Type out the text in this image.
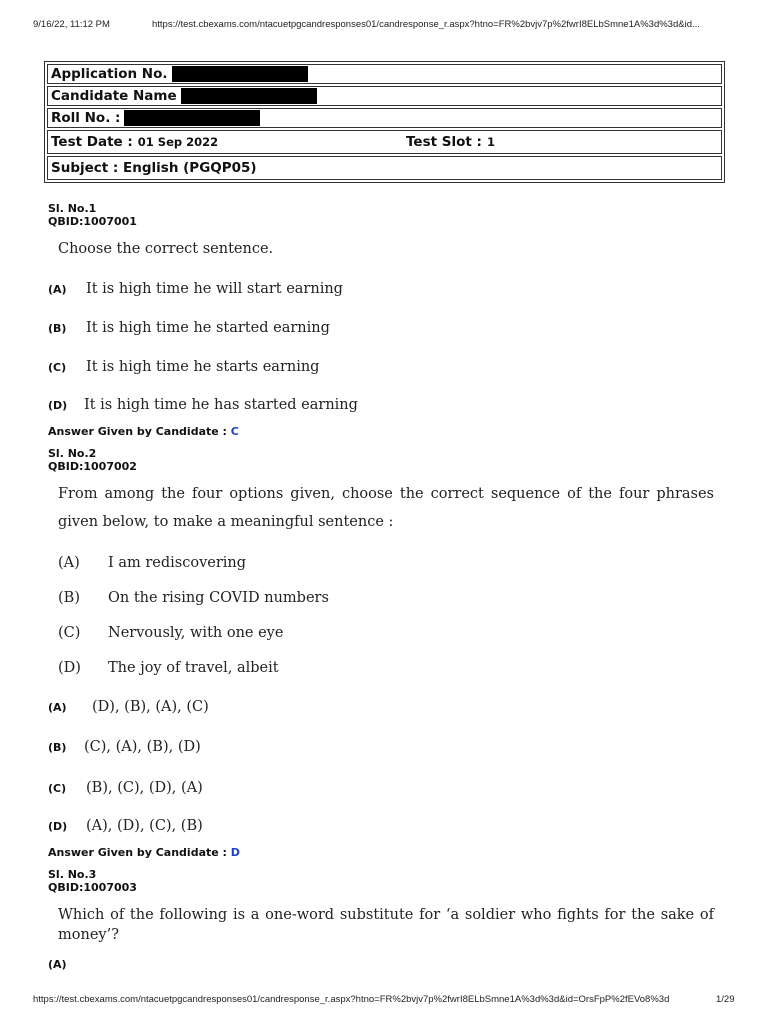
9/16/22, 11:12 PM	https://test.cbexams.com/ntacuetpgcandresponses01/candresponse_r.aspx?htno=FR%2bvjv7p%2fwrI8ELbSmne1A%3d%3d&id...
Application No.
Candidate Name
Roll No. :
Test Date : 01 Sep 2022	Test Slot : 1
Subject : English (PGQP05)
Sl. No.1
QBID:1007001
Choose the correct sentence.
(A)	It is high time he will start earning
(B)	It is high time he started earning
(C)	It is high time he starts earning
(D)	It is high time he has started earning
Answer Given by Candidate : C
Sl. No.2
QBID:1007002
From among the four options given, choose the correct sequence of the four phrases given below, to make a meaningful sentence :
(A)	I am rediscovering
(B)	On the rising COVID numbers
(C)	Nervously, with one eye
(D)	The joy of travel, albeit
(A)	(D), (B), (A), (C)
(B)	(C), (A), (B), (D)
(C)	(B), (C), (D), (A)
(D)	(A), (D), (C), (B)
Answer Given by Candidate : D
Sl. No.3
QBID:1007003
Which of the following is a one-word substitute for ‘a soldier who fights for the sake of money’?
(A)
https://test.cbexams.com/ntacuetpgcandresponses01/candresponse_r.aspx?htno=FR%2bvjv7p%2fwrI8ELbSmne1A%3d%3d&id=OrsFpP%2fEVo8%3d	1/29
